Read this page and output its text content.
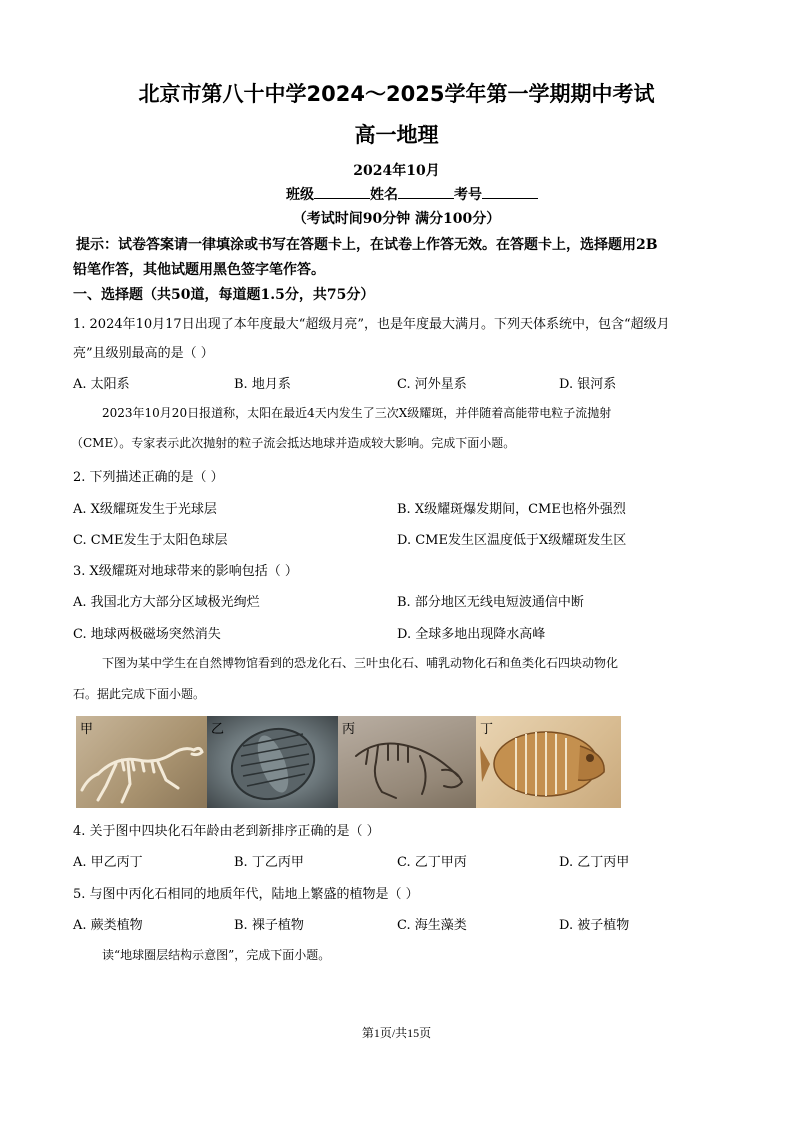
北京市第八十中学2024～2025学年第一学期期中考试
高一地理
2024年10月
班级	姓名	考号
（考试时间90分钟 满分100分）
提示：试卷答案请一律填涂或书写在答题卡上，在试卷上作答无效。在答题卡上，选择题用2B
铅笔作答，其他试题用黑色签字笔作答。
一、选择题（共50道，每道题1.5分，共75分）
1. 2024年10月17日出现了本年度最大“超级月亮”，也是年度最大满月。下列天体系统中，包含“超级月
亮”且级别最高的是（ ）
A. 太阳系	B. 地月系	C. 河外星系	D. 银河系
2023年10月20日报道称，太阳在最近4天内发生了三次X级耀斑，并伴随着高能带电粒子流抛射
（CME）。专家表示此次抛射的粒子流会抵达地球并造成较大影响。完成下面小题。
2. 下列描述正确的是（ ）
A. X级耀斑发生于光球层	B. X级耀斑爆发期间，CME也格外强烈
C. CME发生于太阳色球层	D. CME发生区温度低于X级耀斑发生区
3. X级耀斑对地球带来的影响包括（ ）
A. 我国北方大部分区域极光绚烂	B. 部分地区无线电短波通信中断
C. 地球两极磁场突然消失	D. 全球多地出现降水高峰
下图为某中学生在自然博物馆看到的恐龙化石、三叶虫化石、哺乳动物化石和鱼类化石四块动物化
石。据此完成下面小题。
甲	乙	丙	丁
4. 关于图中四块化石年龄由老到新排序正确的是（ ）
A. 甲乙丙丁	B. 丁乙丙甲	C. 乙丁甲丙	D. 乙丁丙甲
5. 与图中丙化石相同的地质年代，陆地上繁盛的植物是（ ）
A. 蕨类植物	B. 裸子植物	C. 海生藻类	D. 被子植物
读“地球圈层结构示意图”，完成下面小题。
第1页/共15页
